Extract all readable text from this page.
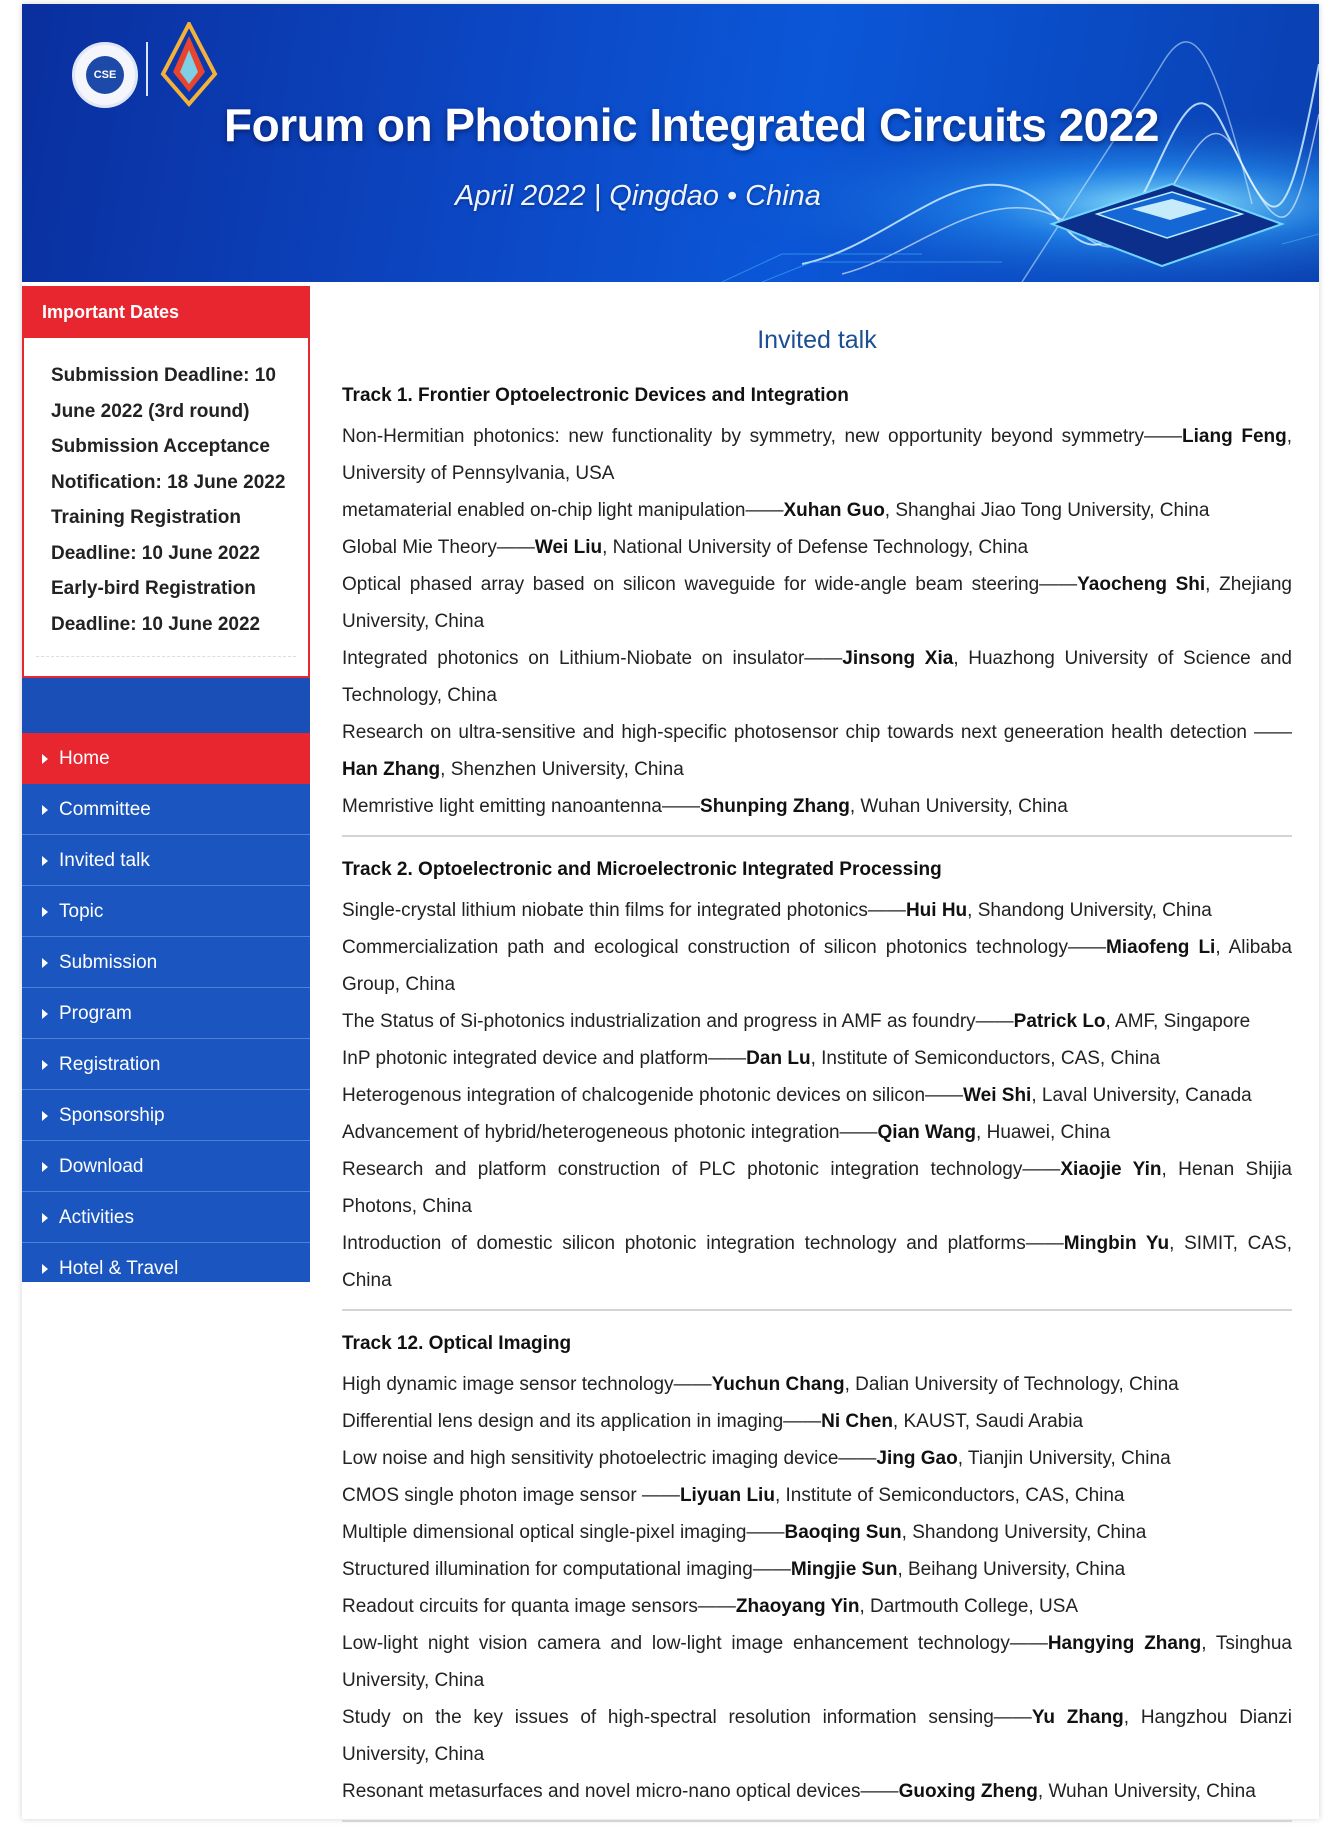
CSE
Forum on Photonic Integrated Circuits 2022
April 2022 | Qingdao • China
Important Dates
Submission Deadline: 10
June 2022 (3rd round)
Submission Acceptance
Notification: 18 June 2022
Training Registration
Deadline: 10 June 2022
Early-bird Registration
Deadline: 10 June 2022
Home
Committee
Invited talk
Topic
Submission
Program
Registration
Sponsorship
Download
Activities
Hotel & Travel
Invited talk
Track 1. Frontier Optoelectronic Devices and Integration

Non-Hermitian photonics: new functionality by symmetry, new opportunity beyond symmetry——Liang Feng, University of Pennsylvania, USA

metamaterial enabled on-chip light manipulation——Xuhan Guo, Shanghai Jiao Tong University, China

Global Mie Theory——Wei Liu, National University of Defense Technology, China

Optical phased array based on silicon waveguide for wide-angle beam steering——Yaocheng Shi, Zhejiang University, China

Integrated photonics on Lithium-Niobate on insulator——Jinsong Xia, Huazhong University of Science and Technology, China

Research on ultra-sensitive and high-specific photosensor chip towards next geneeration health detection ——Han Zhang, Shenzhen University, China

Memristive light emitting nanoantenna——Shunping Zhang, Wuhan University, China

Track 2. Optoelectronic and Microelectronic Integrated Processing

Single-crystal lithium niobate thin films for integrated photonics——Hui Hu, Shandong University, China

Commercialization path and ecological construction of silicon photonics technology——Miaofeng Li, Alibaba Group, China

The Status of Si-photonics industrialization and progress in AMF as foundry——Patrick Lo, AMF, Singapore

InP photonic integrated device and platform——Dan Lu, Institute of Semiconductors, CAS, China

Heterogenous integration of chalcogenide photonic devices on silicon——Wei Shi, Laval University, Canada

Advancement of hybrid/heterogeneous photonic integration——Qian Wang, Huawei, China

Research and platform construction of PLC photonic integration technology——Xiaojie Yin, Henan Shijia Photons, China

Introduction of domestic silicon photonic integration technology and platforms——Mingbin Yu, SIMIT, CAS, China

Track 12. Optical Imaging

High dynamic image sensor technology——Yuchun Chang, Dalian University of Technology, China

Differential lens design and its application in imaging——Ni Chen, KAUST, Saudi Arabia

Low noise and high sensitivity photoelectric imaging device——Jing Gao, Tianjin University, China

CMOS single photon image sensor ——Liyuan Liu, Institute of Semiconductors, CAS, China

Multiple dimensional optical single-pixel imaging——Baoqing Sun, Shandong University, China

Structured illumination for computational imaging——Mingjie Sun, Beihang University, China

Readout circuits for quanta image sensors——Zhaoyang Yin, Dartmouth College, USA

Low-light night vision camera and low-light image enhancement technology——Hangying Zhang, Tsinghua University, China

Study on the key issues of high-spectral resolution information sensing——Yu Zhang, Hangzhou Dianzi University, China

Resonant metasurfaces and novel micro-nano optical devices——Guoxing Zheng, Wuhan University, China
